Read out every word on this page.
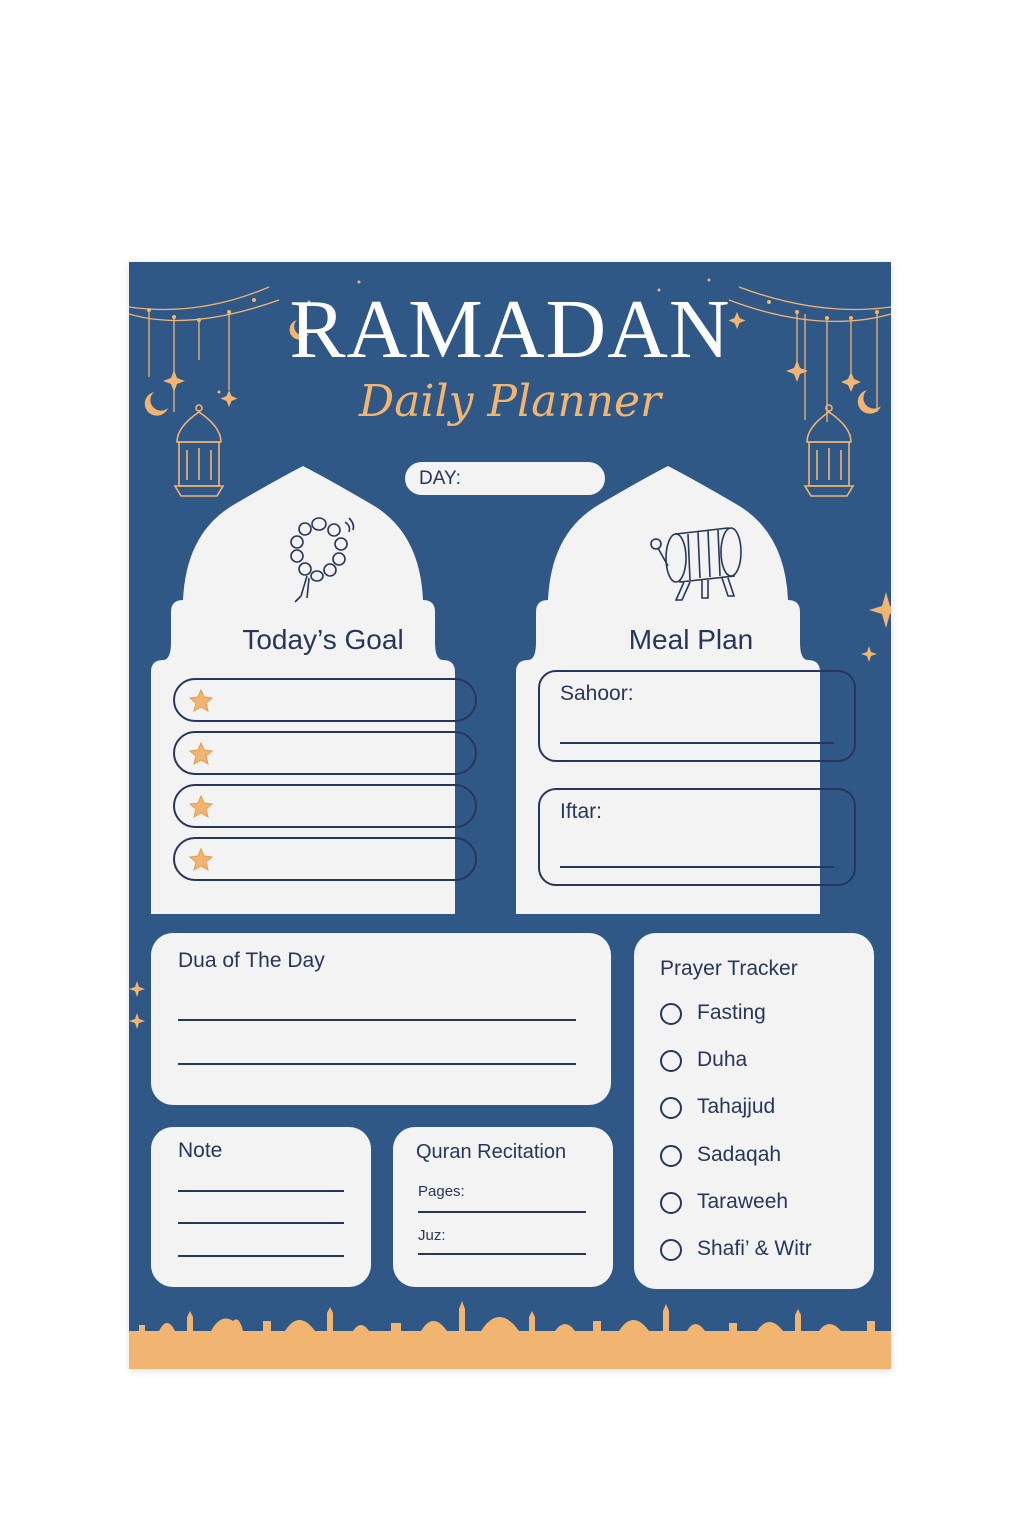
RAMADAN
Daily Planner
DAY:
Today’s Goal	Meal Plan
Sahoor:
Iftar:
Dua of The Day	Prayer Tracker
Fasting
Duha
Tahajjud
Sadaqah
Taraweeh
Shafi’ & Witr
Note	Quran Recitation
Pages:
Juz:
